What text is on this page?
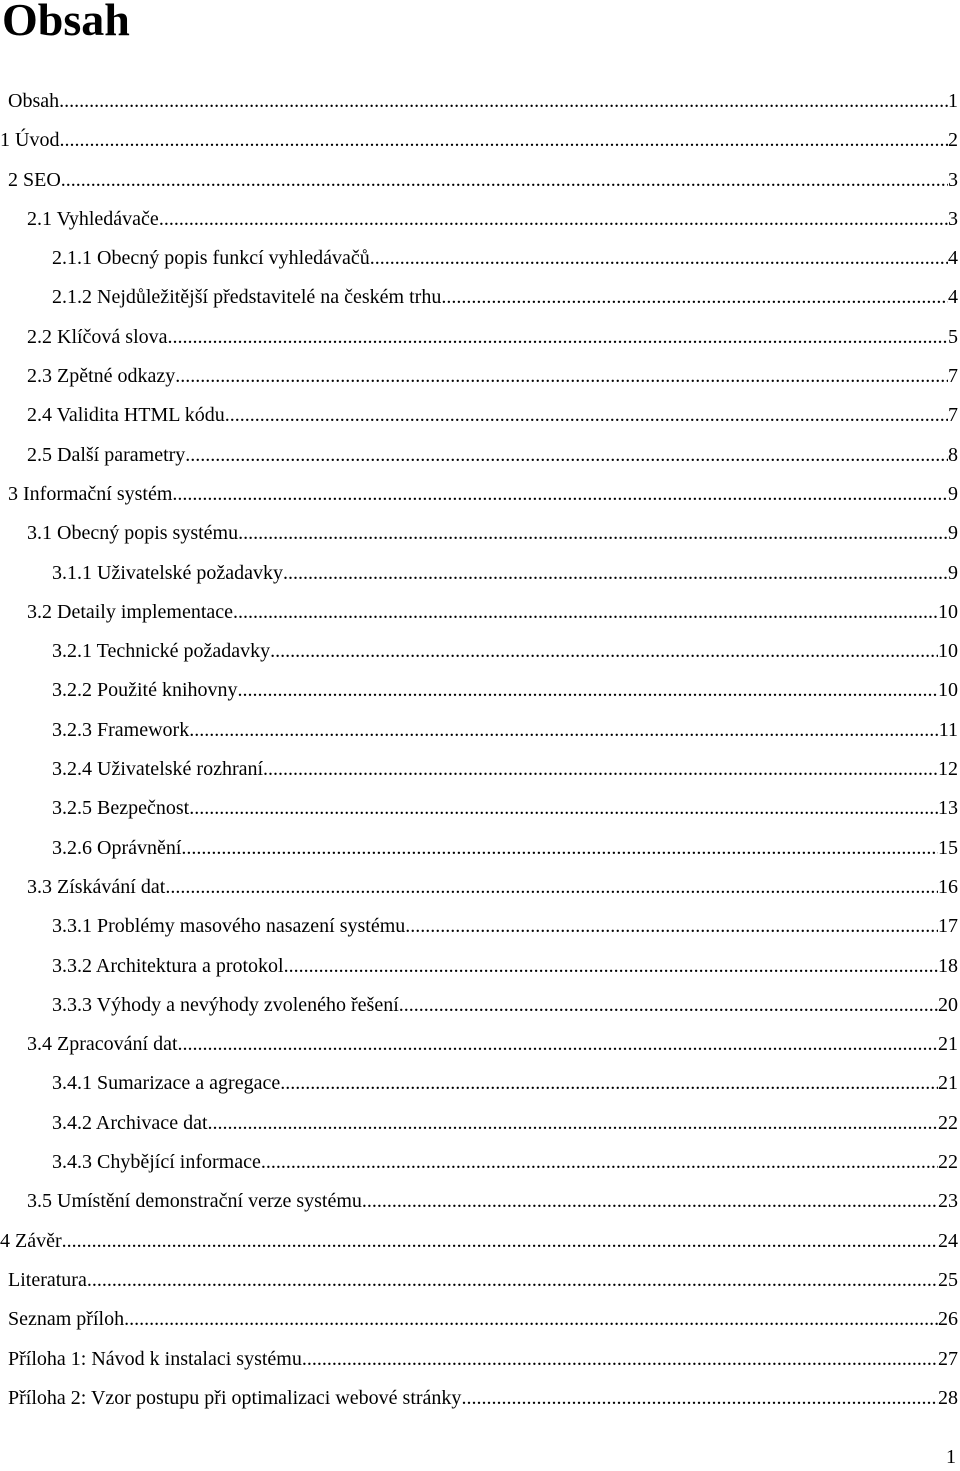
Obsah
Obsah .....	1
1 Úvod .....	2
2 SEO .....	3
2.1 Vyhledávače .....	3
2.1.1 Obecný popis funkcí vyhledávačů .....	4
2.1.2 Nejdůležitější představitelé na českém trhu .....	4
2.2 Klíčová slova .....	5
2.3 Zpětné odkazy .....	7
2.4 Validita HTML kódu .....	7
2.5 Další parametry .....	8
3 Informační systém .....	9
3.1 Obecný popis systému .....	9
3.1.1 Uživatelské požadavky .....	9
3.2 Detaily implementace .....	10
3.2.1 Technické požadavky .....	10
3.2.2 Použité knihovny .....	10
3.2.3 Framework .....	11
3.2.4 Uživatelské rozhraní .....	12
3.2.5 Bezpečnost .....	13
3.2.6 Oprávnění .....	15
3.3 Získávání dat .....	16
3.3.1 Problémy masového nasazení systému .....	17
3.3.2 Architektura a protokol .....	18
3.3.3 Výhody a nevýhody zvoleného řešení .....	20
3.4 Zpracování dat .....	21
3.4.1 Sumarizace a agregace .....	21
3.4.2 Archivace dat .....	22
3.4.3 Chybějící informace .....	22
3.5 Umístění demonstrační verze systému .....	23
4 Závěr .....	24
Literatura .....	25
Seznam příloh .....	26
Příloha 1: Návod k instalaci systému .....	27
Příloha 2: Vzor postupu při optimalizaci webové stránky .....	28
1
